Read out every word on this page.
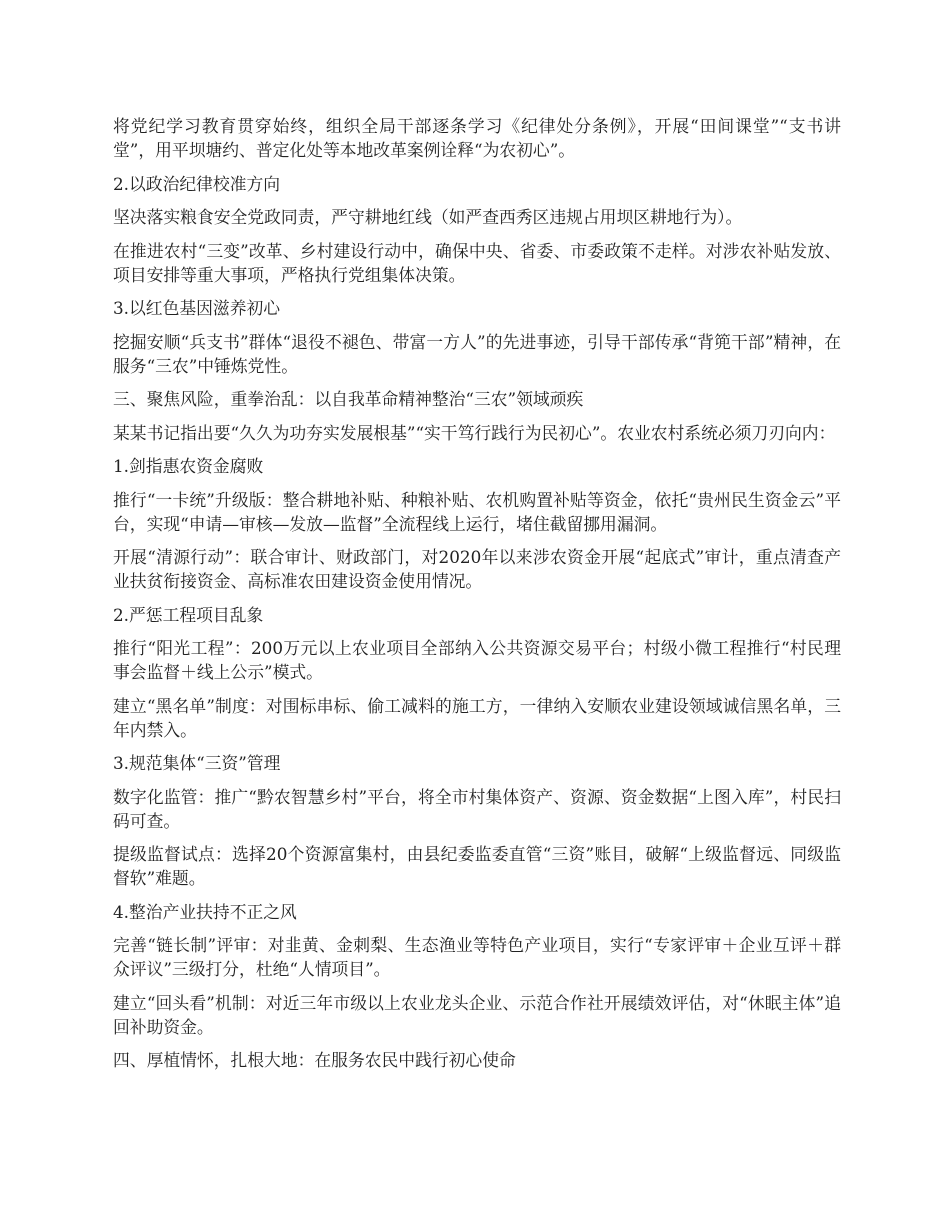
将党纪学习教育贯穿始终，组织全局干部逐条学习《纪律处分条例》，开展“田间课堂”“支书讲堂”，用平坝塘约、普定化处等本地改革案例诠释“为农初心”。

2.以政治纪律校准方向

坚决落实粮食安全党政同责，严守耕地红线（如严查西秀区违规占用坝区耕地行为）。

在推进农村“三变”改革、乡村建设行动中，确保中央、省委、市委政策不走样。对涉农补贴发放、项目安排等重大事项，严格执行党组集体决策。

3.以红色基因滋养初心

挖掘安顺“兵支书”群体“退役不褪色、带富一方人”的先进事迹，引导干部传承“背篼干部”精神，在服务“三农”中锤炼党性。

三、聚焦风险，重拳治乱：以自我革命精神整治“三农”领域顽疾

某某书记指出要“久久为功夯实发展根基”“实干笃行践行为民初心”。农业农村系统必须刀刃向内：

1.剑指惠农资金腐败

推行“一卡统”升级版：整合耕地补贴、种粮补贴、农机购置补贴等资金，依托“贵州民生资金云”平台，实现“申请—审核—发放—监督”全流程线上运行，堵住截留挪用漏洞。

开展“清源行动”：联合审计、财政部门，对2020年以来涉农资金开展“起底式”审计，重点清查产业扶贫衔接资金、高标准农田建设资金使用情况。

2.严惩工程项目乱象

推行“阳光工程”：200万元以上农业项目全部纳入公共资源交易平台；村级小微工程推行“村民理事会监督＋线上公示”模式。

建立“黑名单”制度：对围标串标、偷工减料的施工方，一律纳入安顺农业建设领域诚信黑名单，三年内禁入。

3.规范集体“三资”管理

数字化监管：推广“黔农智慧乡村”平台，将全市村集体资产、资源、资金数据“上图入库”，村民扫码可查。

提级监督试点：选择20个资源富集村，由县纪委监委直管“三资”账目，破解“上级监督远、同级监督软”难题。

4.整治产业扶持不正之风

完善“链长制”评审：对韭黄、金刺梨、生态渔业等特色产业项目，实行“专家评审＋企业互评＋群众评议”三级打分，杜绝“人情项目”。

建立“回头看”机制：对近三年市级以上农业龙头企业、示范合作社开展绩效评估，对“休眠主体”追回补助资金。

四、厚植情怀，扎根大地：在服务农民中践行初心使命
